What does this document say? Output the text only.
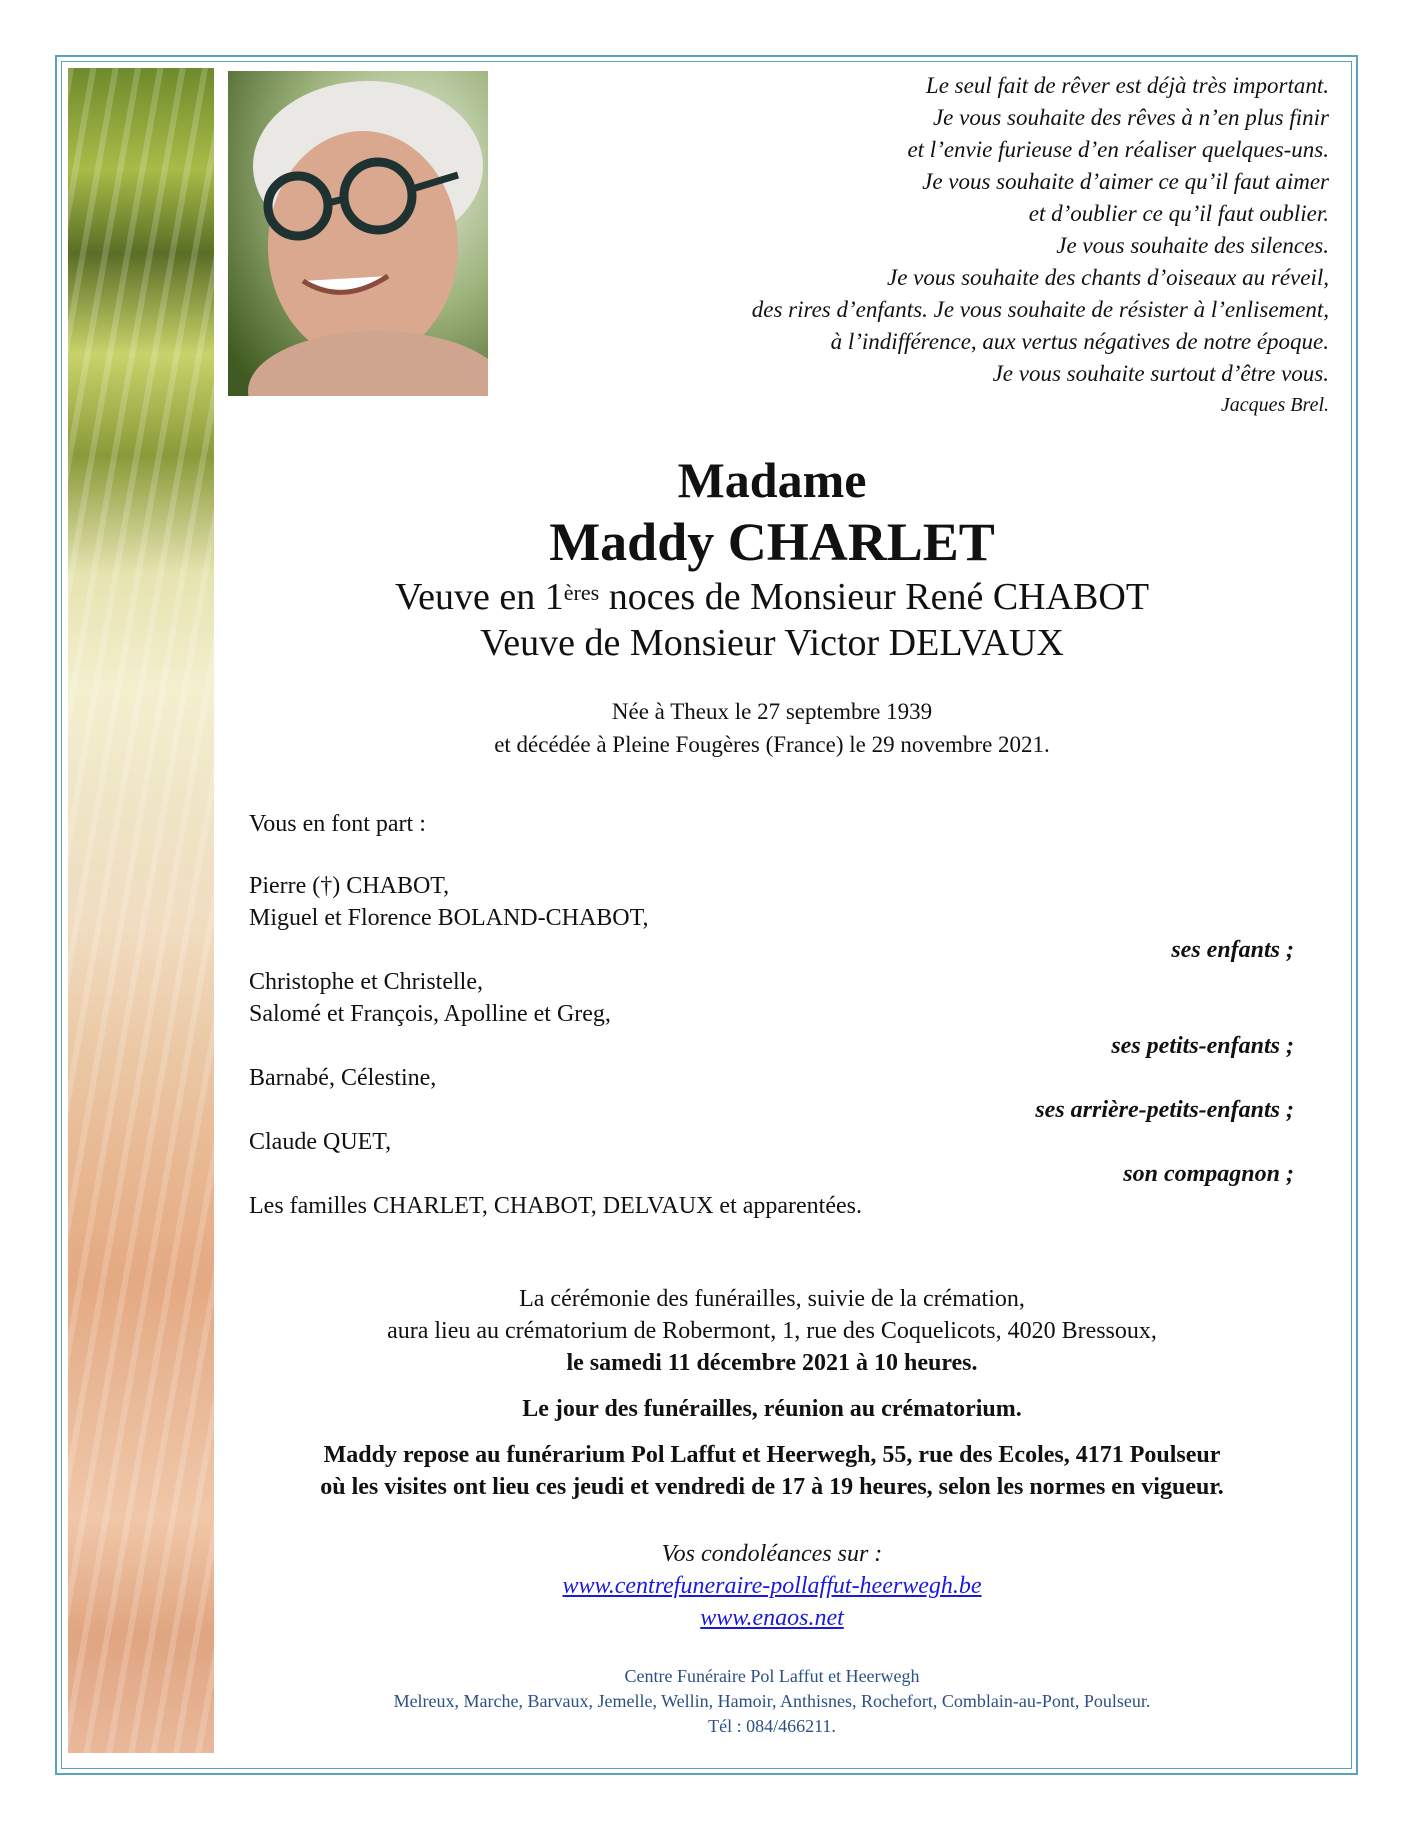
Le seul fait de rêver est déjà très important.
Je vous souhaite des rêves à n’en plus finir
et l’envie furieuse d’en réaliser quelques-uns.
Je vous souhaite d’aimer ce qu’il faut aimer
et d’oublier ce qu’il faut oublier.
Je vous souhaite des silences.
Je vous souhaite des chants d’oiseaux au réveil,
des rires d’enfants. Je vous souhaite de résister à l’enlisement,
à l’indifférence, aux vertus négatives de notre époque.
Je vous souhaite surtout d’être vous.
Jacques Brel.
Madame
Maddy CHARLET
Veuve en 1ères noces de Monsieur René CHABOT
Veuve de Monsieur Victor DELVAUX
Née à Theux le 27 septembre 1939
et décédée à Pleine Fougères (France) le 29 novembre 2021.
Vous en font part :
Pierre (†) CHABOT,
Miguel et Florence BOLAND-CHABOT,
ses enfants ;
Christophe et Christelle,
Salomé et François, Apolline et Greg,
ses petits-enfants ;
Barnabé, Célestine,
ses arrière-petits-enfants ;
Claude QUET,
son compagnon ;
Les familles CHARLET, CHABOT, DELVAUX et apparentées.
La cérémonie des funérailles, suivie de la crémation,
aura lieu au crématorium de Robermont, 1, rue des Coquelicots, 4020 Bressoux,
le samedi 11 décembre 2021 à 10 heures.
Le jour des funérailles, réunion au crématorium.
Maddy repose au funérarium Pol Laffut et Heerwegh, 55, rue des Ecoles, 4171 Poulseur
où les visites ont lieu ces jeudi et vendredi de 17 à 19 heures, selon les normes en vigueur.
Vos condoléances sur :
www.centrefuneraire-pollaffut-heerwegh.be
www.enaos.net
Centre Funéraire Pol Laffut et Heerwegh
Melreux, Marche, Barvaux, Jemelle, Wellin, Hamoir, Anthisnes, Rochefort, Comblain-au-Pont, Poulseur.
Tél : 084/466211.
